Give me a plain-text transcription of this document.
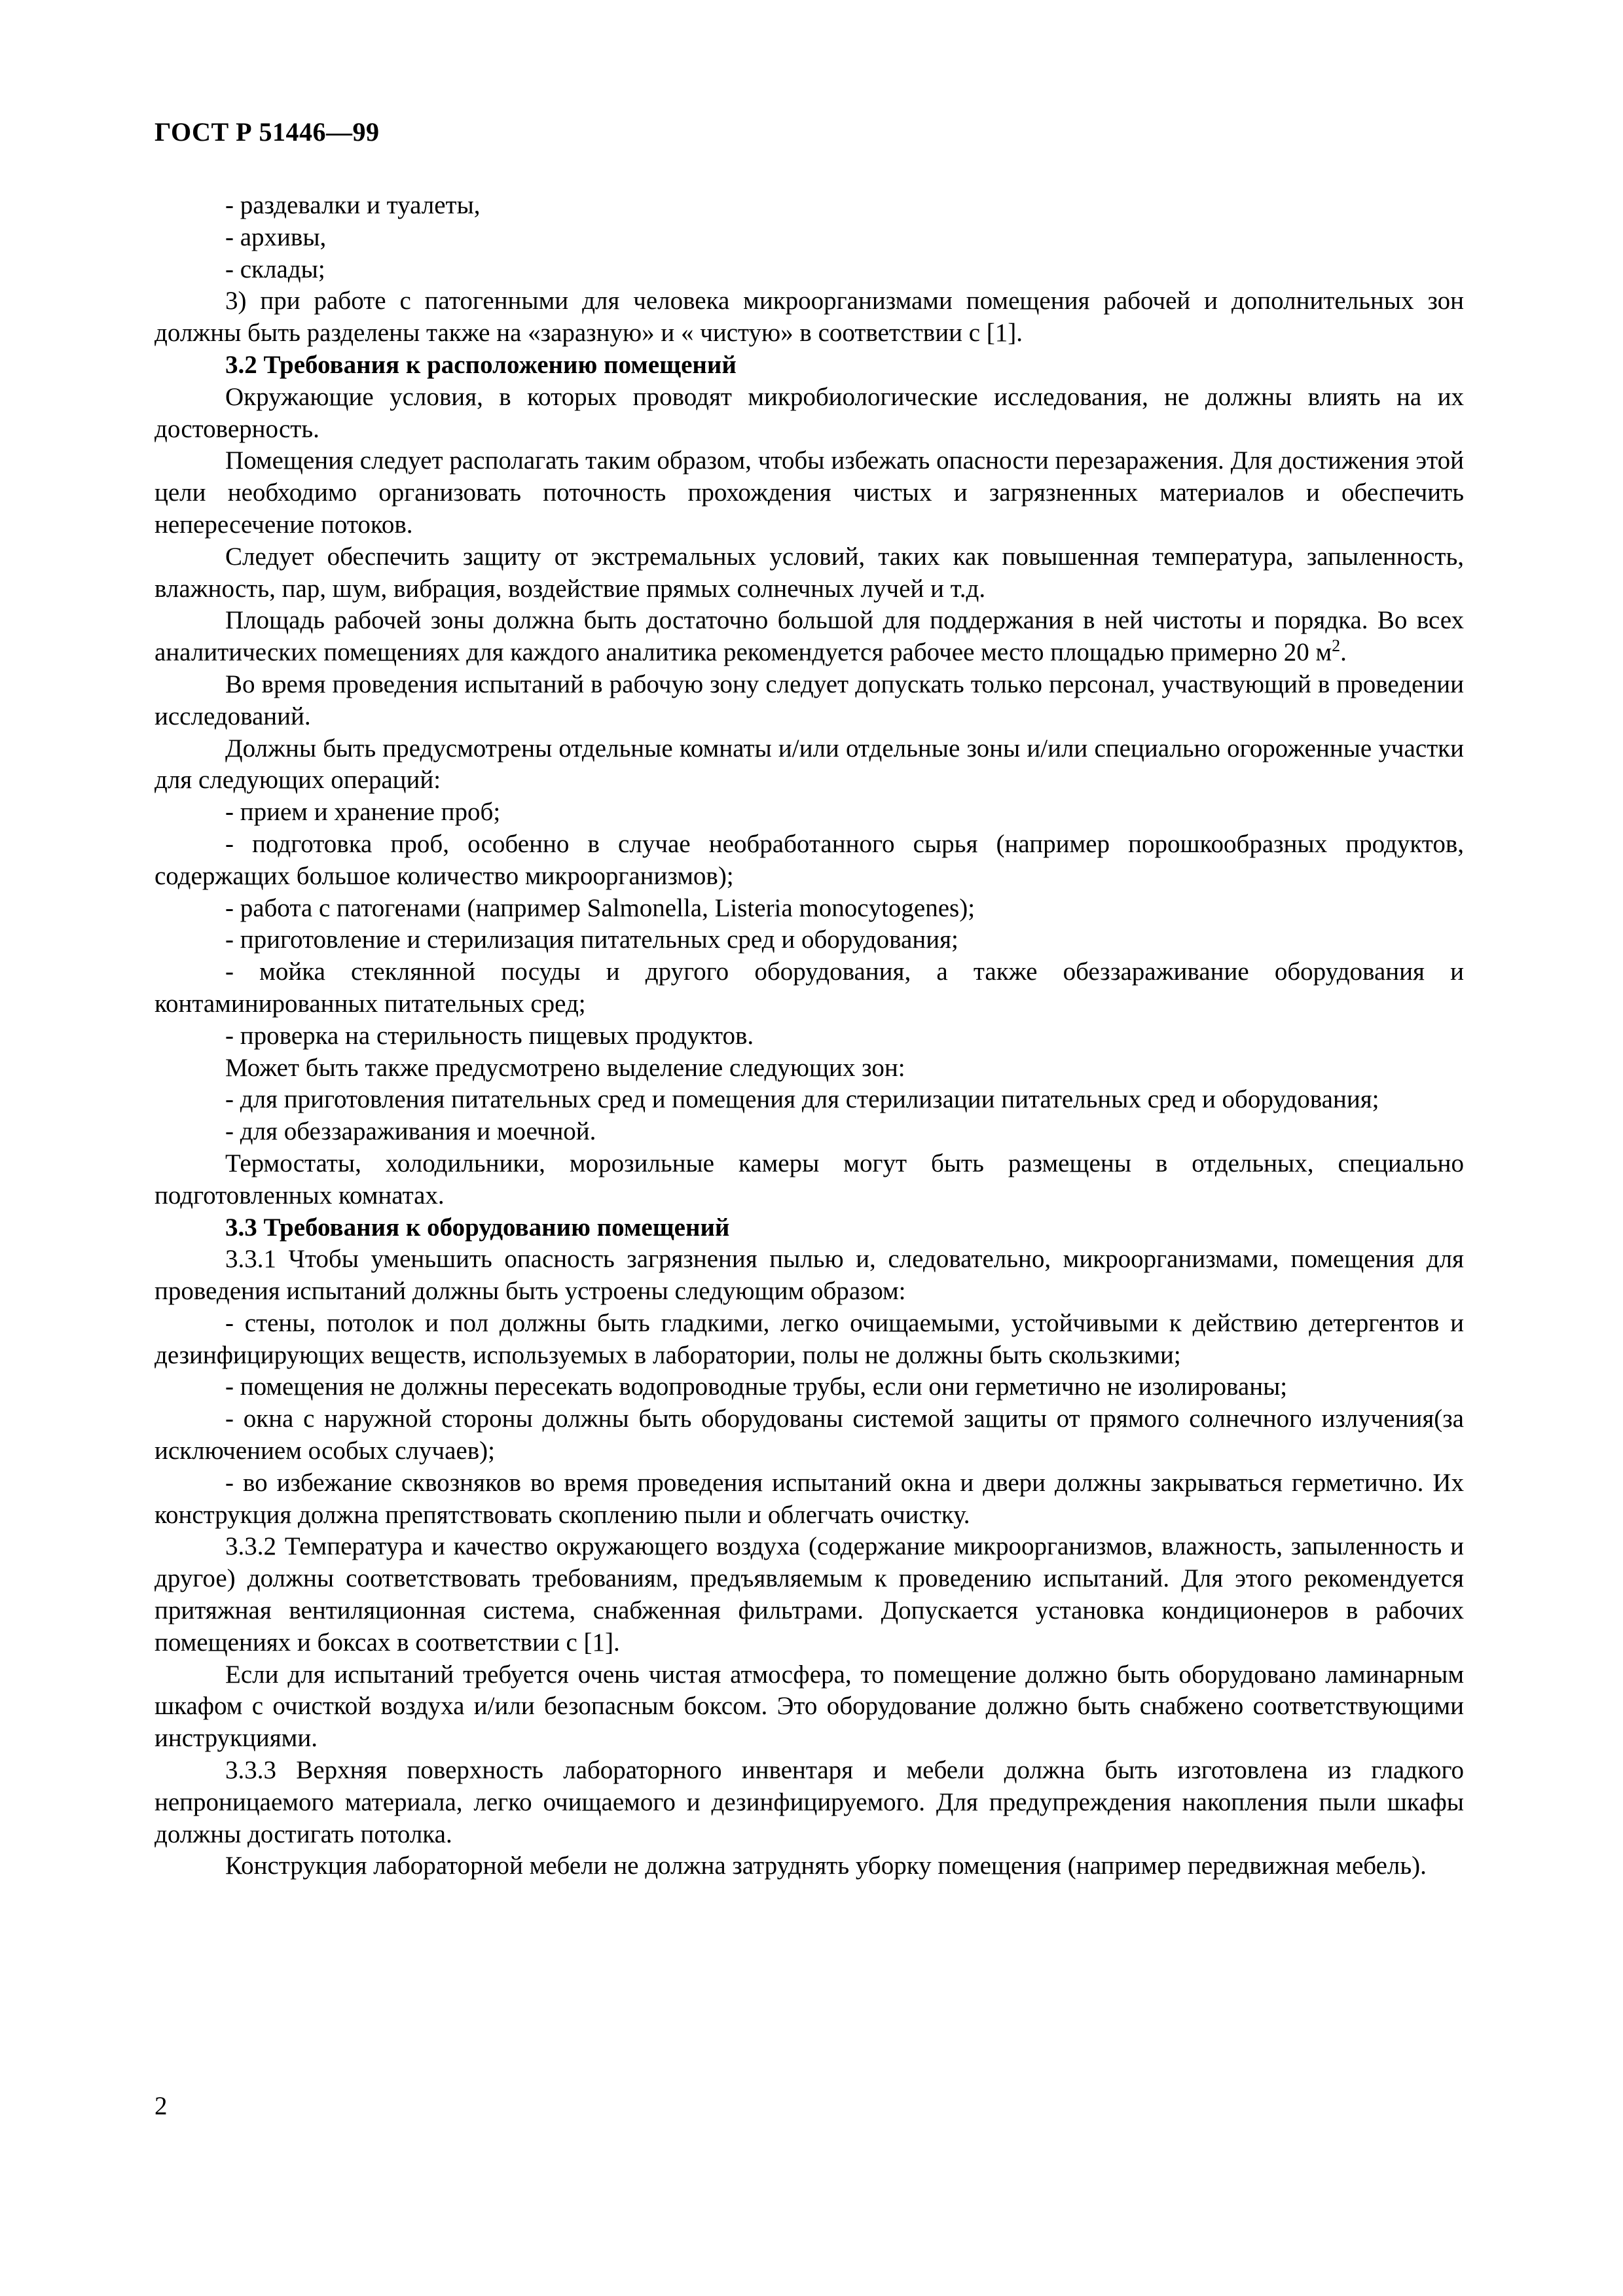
ГОСТ Р 51446—99

- раздевалки и туалеты,

- архивы,

- склады;

3) при работе с патогенными для человека микроорганизмами помещения рабочей и дополнительных зон должны быть разделены также на «заразную» и « чистую» в соответствии с [1].

3.2 Требования к расположению помещений

Окружающие условия, в которых проводят микробиологические исследования, не должны влиять на их достоверность.

Помещения следует располагать таким образом, чтобы избежать опасности перезаражения. Для достижения этой цели необходимо организовать поточность прохождения чистых и загрязненных материалов и обеспечить непересечение потоков.

Следует обеспечить защиту от экстремальных условий, таких как повышенная температура, запыленность, влажность, пар, шум, вибрация, воздействие прямых солнечных лучей и т.д.

Площадь рабочей зоны должна быть достаточно большой для поддержания в ней чистоты и порядка. Во всех аналитических помещениях для каждого аналитика рекомендуется рабочее место площадью примерно 20 $м^2$.

Во время проведения испытаний в рабочую зону следует допускать только персонал, участвующий в проведении исследований.

Должны быть предусмотрены отдельные комнаты и/или отдельные зоны и/или специально огороженные участки для следующих операций:

- прием и хранение проб;

- подготовка проб, особенно в случае необработанного сырья (например порошкообразных продуктов, содержащих большое количество микроорганизмов);

- работа с патогенами (например Salmonella, Listeria monocytogenes);

- приготовление и стерилизация питательных сред и оборудования;

- мойка стеклянной посуды и другого оборудования, а также обеззараживание оборудования и контаминированных питательных сред;

- проверка на стерильность пищевых продуктов.

Может быть также предусмотрено выделение следующих зон:

- для приготовления питательных сред и помещения для стерилизации питательных сред и оборудования;

- для обеззараживания и моечной.

Термостаты, холодильники, морозильные камеры могут быть размещены в отдельных, специально подготовленных комнатах.

3.3 Требования к оборудованию помещений

3.3.1 Чтобы уменьшить опасность загрязнения пылью и, следовательно, микроорганизмами, помещения для проведения испытаний должны быть устроены следующим образом:

- стены, потолок и пол должны быть гладкими, легко очищаемыми, устойчивыми к действию детергентов и дезинфицирующих веществ, используемых в лаборатории, полы не должны быть скользкими;

- помещения не должны пересекать водопроводные трубы, если они герметично не изолированы;

- окна с наружной стороны должны быть оборудованы системой защиты от прямого солнечного излучения(за исключением особых случаев);

- во избежание сквозняков во время проведения испытаний окна и двери должны закрываться герметично. Их конструкция должна препятствовать скоплению пыли и облегчать очистку.

3.3.2 Температура и качество окружающего воздуха (содержание микроорганизмов, влажность, запыленность и другое) должны соответствовать требованиям, предъявляемым к проведению испытаний. Для этого рекомендуется притяжная вентиляционная система, снабженная фильтрами. Допускается установка кондиционеров в рабочих помещениях и боксах в соответствии с [1].

Если для испытаний требуется очень чистая атмосфера, то помещение должно быть оборудовано ламинарным шкафом с очисткой воздуха и/или безопасным боксом. Это оборудование должно быть снабжено соответствующими инструкциями.

3.3.3 Верхняя поверхность лабораторного инвентаря и мебели должна быть изготовлена из гладкого непроницаемого материала, легко очищаемого и дезинфицируемого. Для предупреждения накопления пыли шкафы должны достигать потолка.

Конструкция лабораторной мебели не должна затруднять уборку помещения (например передвижная мебель).

2
